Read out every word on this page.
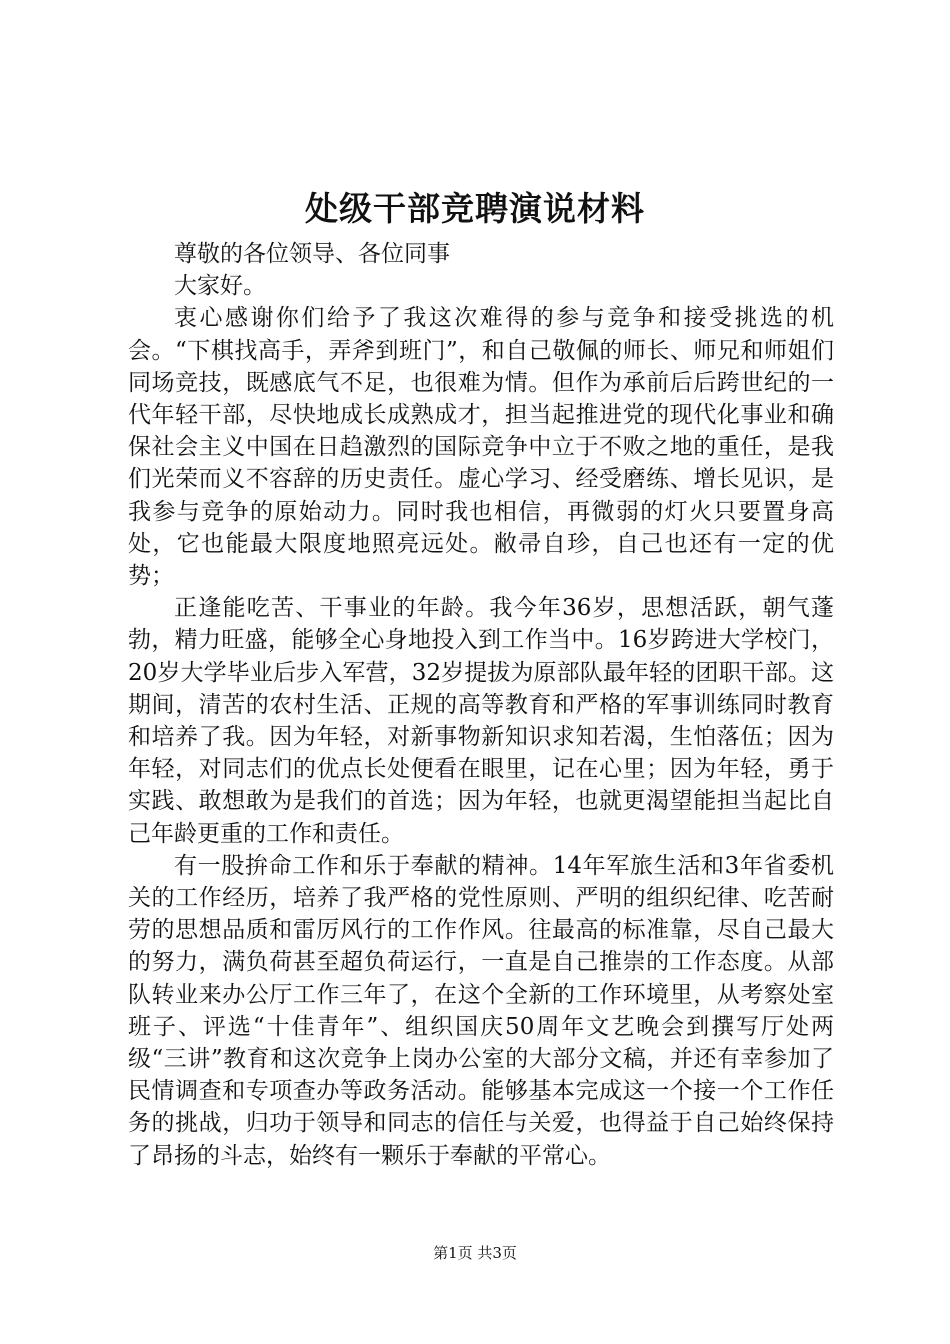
处级干部竞聘演说材料

尊敬的各位领导、各位同事

大家好。

衷心感谢你们给予了我这次难得的参与竞争和接受挑选的机会。“下棋找高手，弄斧到班门”，和自己敬佩的师长、师兄和师姐们同场竞技，既感底气不足，也很难为情。但作为承前后后跨世纪的一代年轻干部，尽快地成长成熟成才，担当起推进党的现代化事业和确保社会主义中国在日趋激烈的国际竞争中立于不败之地的重任，是我们光荣而义不容辞的历史责任。虚心学习、经受磨练、增长见识，是我参与竞争的原始动力。同时我也相信，再微弱的灯火只要置身高处，它也能最大限度地照亮远处。敝帚自珍，自己也还有一定的优势；

正逢能吃苦、干事业的年龄。我今年36岁，思想活跃，朝气蓬勃，精力旺盛，能够全心身地投入到工作当中。16岁跨进大学校门，20岁大学毕业后步入军营，32岁提拔为原部队最年轻的团职干部。这期间，清苦的农村生活、正规的高等教育和严格的军事训练同时教育和培养了我。因为年轻，对新事物新知识求知若渴，生怕落伍；因为年轻，对同志们的优点长处便看在眼里，记在心里；因为年轻，勇于实践、敢想敢为是我们的首选；因为年轻，也就更渴望能担当起比自己年龄更重的工作和责任。

有一股拚命工作和乐于奉献的精神。14年军旅生活和3年省委机关的工作经历，培养了我严格的党性原则、严明的组织纪律、吃苦耐劳的思想品质和雷厉风行的工作作风。往最高的标准靠，尽自己最大的努力，满负荷甚至超负荷运行，一直是自己推崇的工作态度。从部队转业来办公厅工作三年了，在这个全新的工作环境里，从考察处室班子、评选“十佳青年”、组织国庆50周年文艺晚会到撰写厅处两级“三讲”教育和这次竞争上岗办公室的大部分文稿，并还有幸参加了民情调查和专项查办等政务活动。能够基本完成这一个接一个工作任务的挑战，归功于领导和同志的信任与关爱，也得益于自己始终保持了昂扬的斗志，始终有一颗乐于奉献的平常心。

第1页 共3页
